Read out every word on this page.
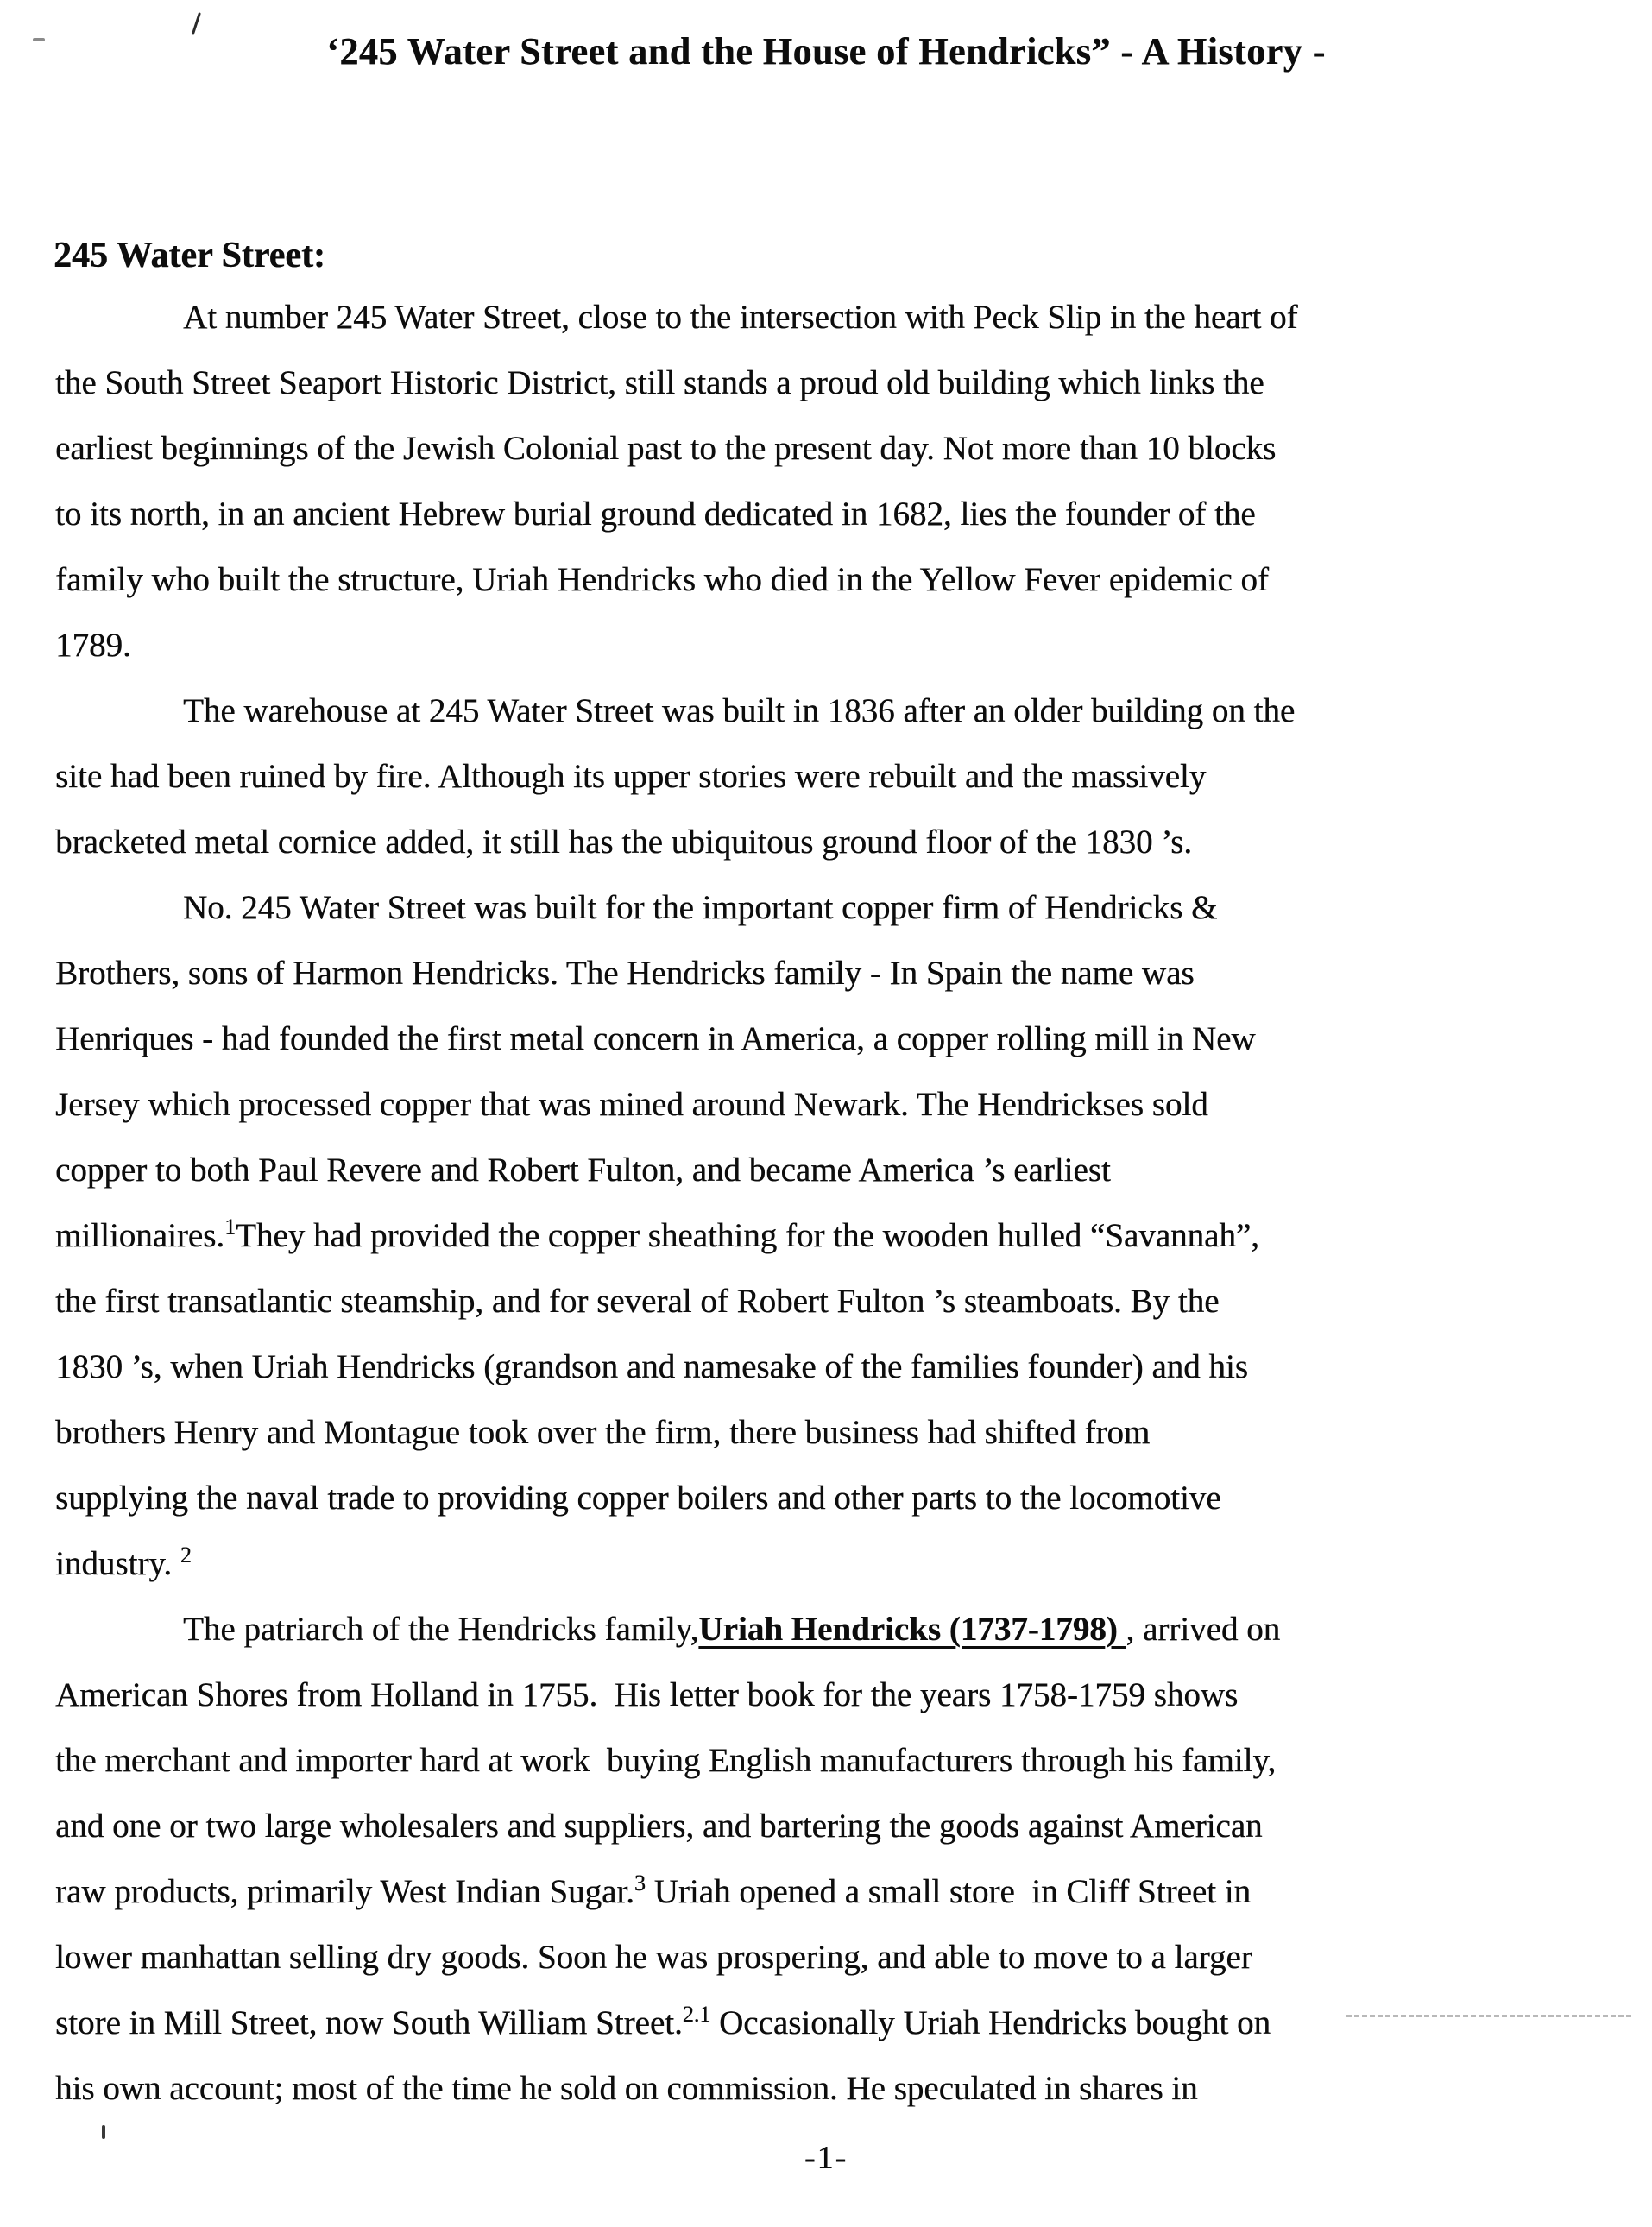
‘245 Water Street and the House of Hendricks” - A History -
245 Water Street:
At number 245 Water Street, close to the intersection with Peck Slip in the heart of
the South Street Seaport Historic District, still stands a proud old building which links the
earliest beginnings of the Jewish Colonial past to the present day. Not more than 10 blocks
to its north, in an ancient Hebrew burial ground dedicated in 1682, lies the founder of the
family who built the structure, Uriah Hendricks who died in the Yellow Fever epidemic of
1789.
The warehouse at 245 Water Street was built in 1836 after an older building on the
site had been ruined by fire. Although its upper stories were rebuilt and the massively
bracketed metal cornice added, it still has the ubiquitous ground floor of the 1830 ’s.
No. 245 Water Street was built for the important copper firm of Hendricks &
Brothers, sons of Harmon Hendricks. The Hendricks family - In Spain the name was
Henriques - had founded the first metal concern in America, a copper rolling mill in New
Jersey which processed copper that was mined around Newark. The Hendrickses sold
copper to both Paul Revere and Robert Fulton, and became America ’s earliest
millionaires.$^1$They had provided the copper sheathing for the wooden hulled “Savannah”,
the first transatlantic steamship, and for several of Robert Fulton ’s steamboats. By the
1830 ’s, when Uriah Hendricks (grandson and namesake of the families founder) and his
brothers Henry and Montague took over the firm, there business had shifted from
supplying the naval trade to providing copper boilers and other parts to the locomotive
industry. $^2$
The patriarch of the Hendricks family,Uriah Hendricks (1737-1798) , arrived on
American Shores from Holland in 1755.  His letter book for the years 1758-1759 shows
the merchant and importer hard at work  buying English manufacturers through his family,
and one or two large wholesalers and suppliers, and bartering the goods against American
raw products, primarily West Indian Sugar.$^3$ Uriah opened a small store  in Cliff Street in
lower manhattan selling dry goods. Soon he was prospering, and able to move to a larger
store in Mill Street, now South William Street.$^{2.1}$ Occasionally Uriah Hendricks bought on
his own account; most of the time he sold on commission. He speculated in shares in
-1-
